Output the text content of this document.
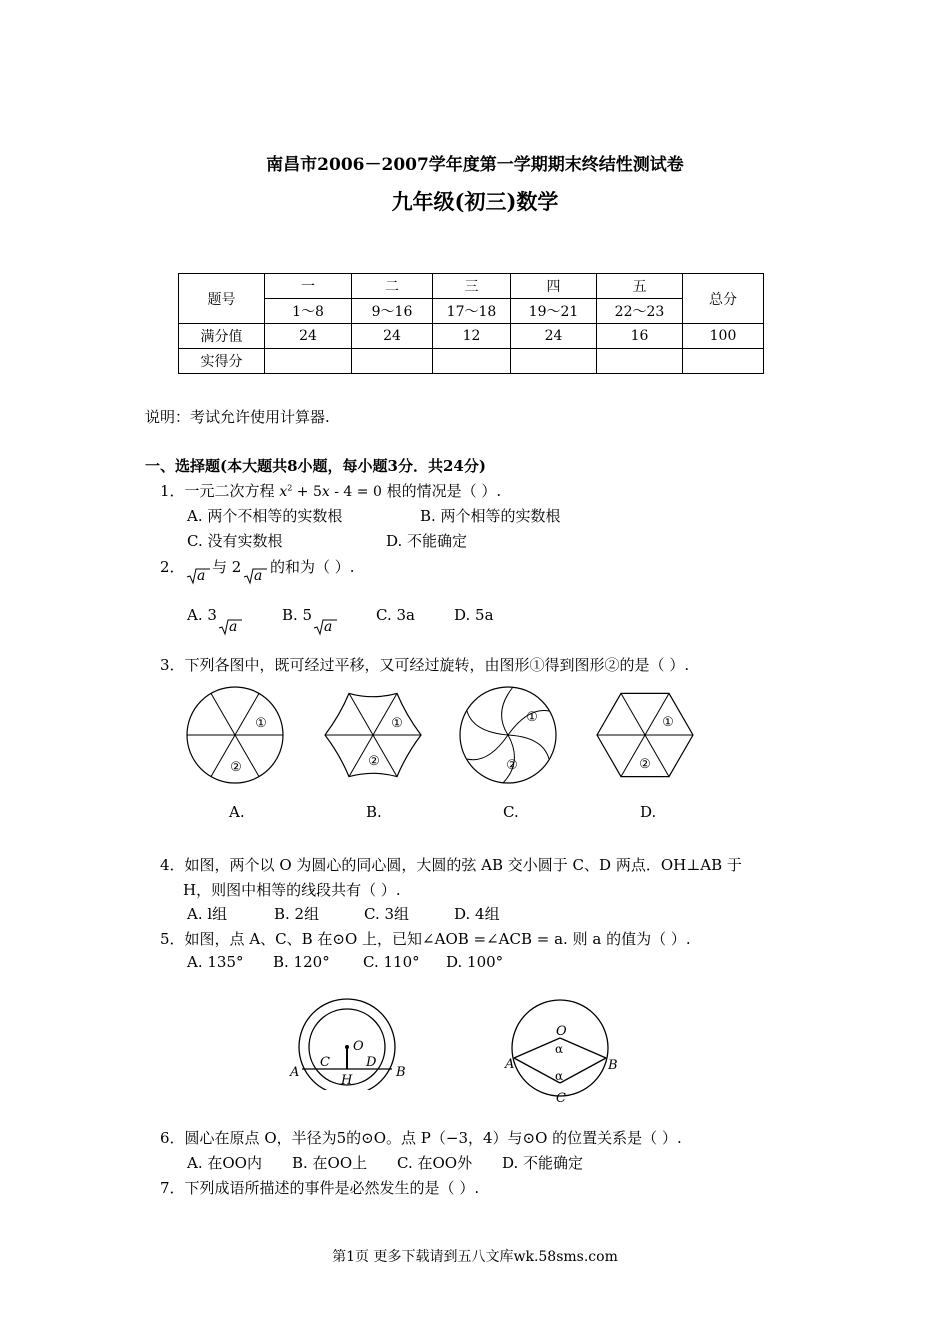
南昌市2006－2007学年度第一学期期末终结性测试卷
九年级(初三)数学
题号	一	二	三	四	五	总分
	1～8	9～16	17～18	19～21	22～23	
满分值	24	24	12	24	16	100
实得分						
说明：考试允许使用计算器.
一、选择题(本大题共8小题，每小题3分．共24分)
1．一元二次方程 $x^2 + 5x - 4 = 0$ 根的情况是（ ）.
A. 两个不相等的实数根	B. 两个相等的实数根
C. 没有实数根	D. 不能确定
2． a 与 2 a 的和为（ ）.
A. 3
a
B. 5
a
C. 3a	D. 5a
3．下列各图中，既可经过平移，又可经过旋转，由图形①得到图形②的是（ ）.
①
②
①
②
①
②
①
②
A.	B.	C.	D.
4．如图，两个以 O 为圆心的同心圆，大圆的弦 AB 交小圆于 C、D 两点．OH⊥AB 于
H，则图中相等的线段共有（ ）.
A. l组	B. 2组	C. 3组	D. 4组
5．如图，点 A、C、B 在⊙O 上，已知∠AOB =∠ACB = a. 则 a 的值为（ ）.
A. 135° B. 120° C. 110° D. 100°
O
A	B
C	D
H
O
A	B
C
α
α
6．圆心在原点 O，半径为5的⊙O。点 P（−3，4）与⊙O 的位置关系是（ ）.
A. 在OO内 B. 在OO上 C. 在OO外 D. 不能确定
7．下列成语所描述的事件是必然发生的是（ ）.
第1页 更多下载请到五八文库wk.58sms.com
